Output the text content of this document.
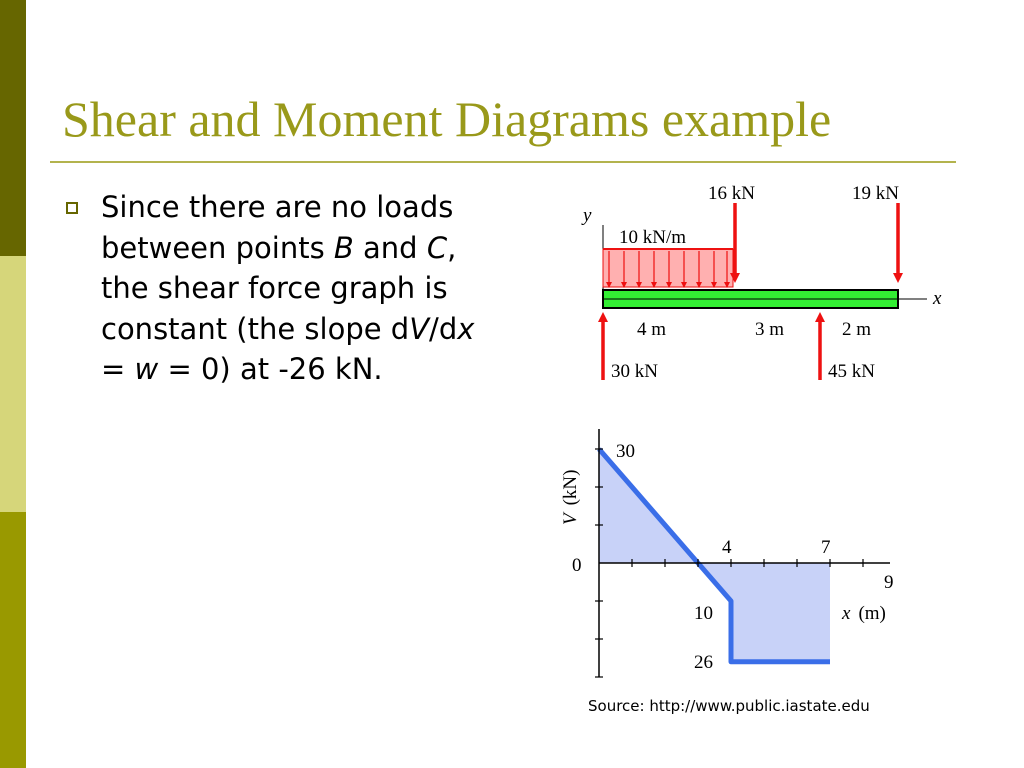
Shear and Moment Diagrams example

Since there are no loads between points B and C, the shear force graph is constant (the slope dV/dx = w = 0) at -26 kN.

y
10 kN/m
16 kN	19 kN
x
30 kN	45 kN
4 m	3 m	2 m
30
0
10
26
4	7
9
V(kN)
x (m)
Source: http://www.public.iastate.edu
